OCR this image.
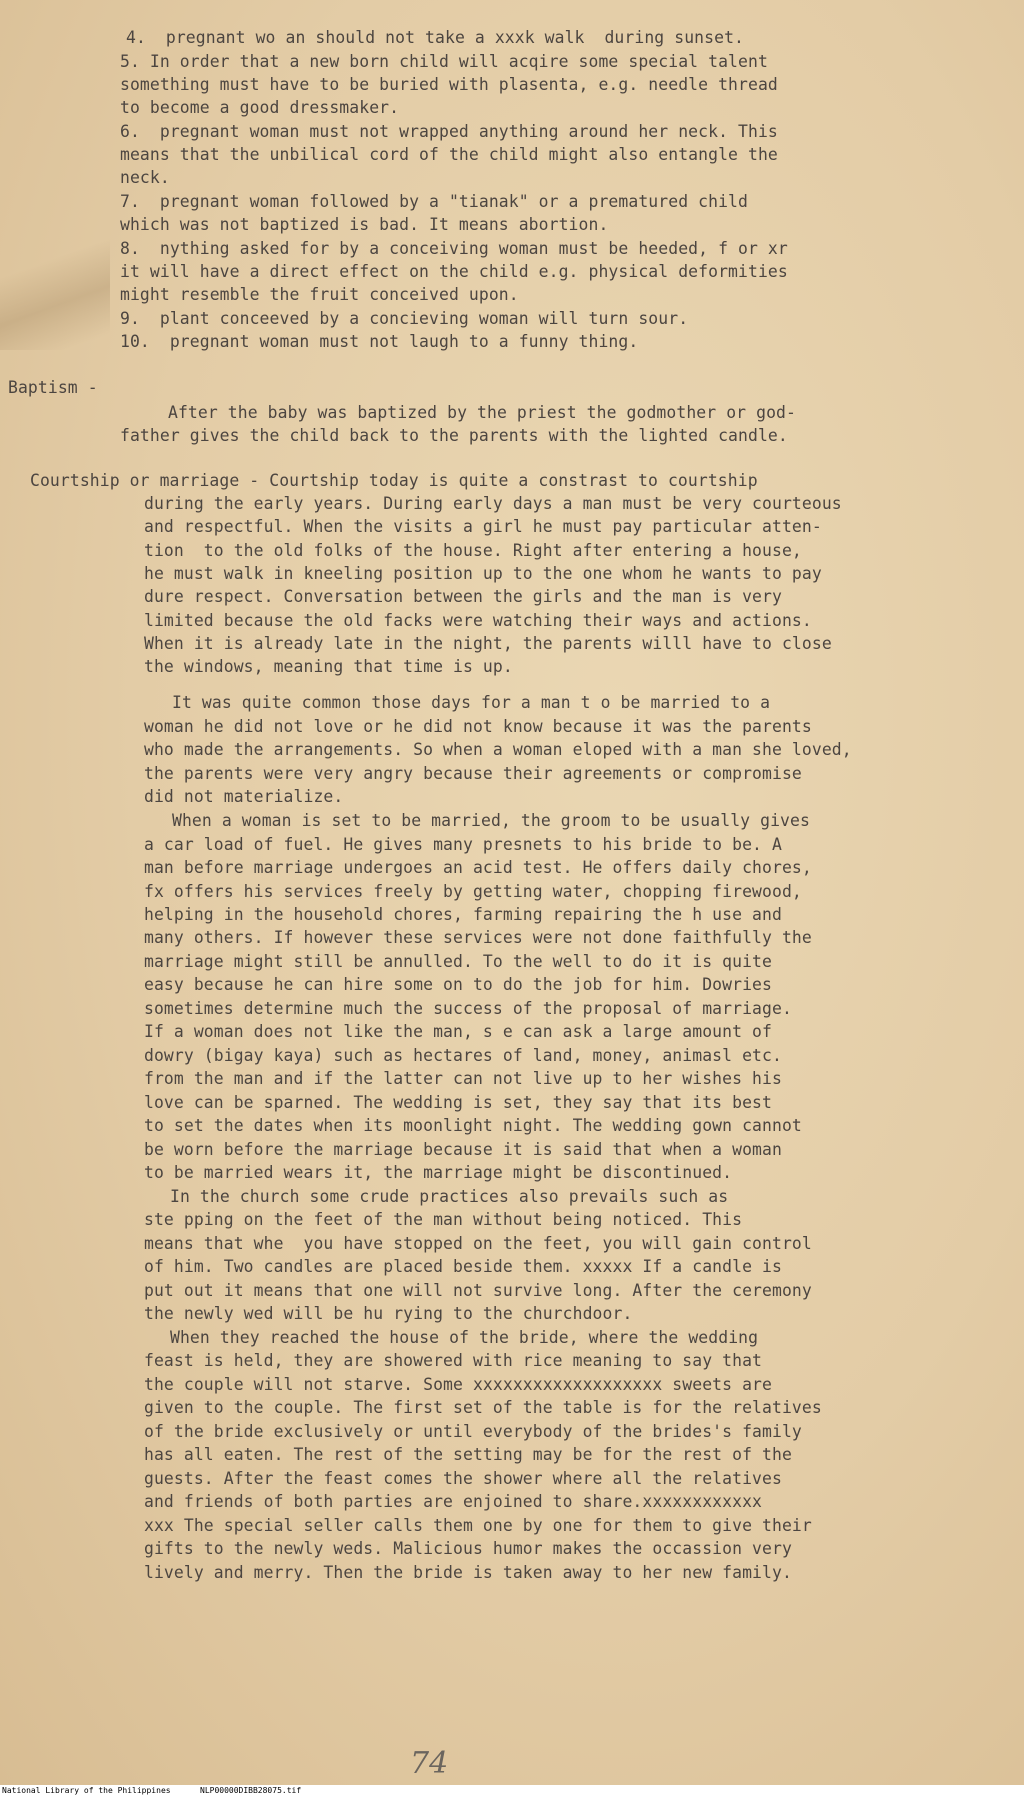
4.  pregnant wo an should not take a xxxk walk  during sunset.
5. In order that a new born child will acqire some special talent
something must have to be buried with plasenta, e.g. needle thread
to become a good dressmaker.
6.  pregnant woman must not wrapped anything around her neck. This
means that the unbilical cord of the child might also entangle the
neck.
7.  pregnant woman followed by a "tianak" or a prematured child
which was not baptized is bad. It means abortion.
8.  nything asked for by a conceiving woman must be heeded, f or xr
it will have a direct effect on the child e.g. physical deformities
might resemble the fruit conceived upon.
9.  plant conceeved by a concieving woman will turn sour.
10.  pregnant woman must not laugh to a funny thing.
Baptism -
After the baby was baptized by the priest the godmother or god-
father gives the child back to the parents with the lighted candle.
Courtship or marriage - Courtship today is quite a constrast to courtship
during the early years. During early days a man must be very courteous
and respectful. When the visits a girl he must pay particular atten-
tion  to the old folks of the house. Right after entering a house,
he must walk in kneeling position up to the one whom he wants to pay
dure respect. Conversation between the girls and the man is very
limited because the old facks were watching their ways and actions.
When it is already late in the night, the parents willl have to close
the windows, meaning that time is up.
It was quite common those days for a man t o be married to a
woman he did not love or he did not know because it was the parents
who made the arrangements. So when a woman eloped with a man she loved,
the parents were very angry because their agreements or compromise
did not materialize.
When a woman is set to be married, the groom to be usually gives
a car load of fuel. He gives many presnets to his bride to be. A
man before marriage undergoes an acid test. He offers daily chores,
fx offers his services freely by getting water, chopping firewood,
helping in the household chores, farming repairing the h use and
many others. If however these services were not done faithfully the
marriage might still be annulled. To the well to do it is quite
easy because he can hire some on to do the job for him. Dowries
sometimes determine much the success of the proposal of marriage.
If a woman does not like the man, s e can ask a large amount of
dowry (bigay kaya) such as hectares of land, money, animasl etc.
from the man and if the latter can not live up to her wishes his
love can be sparned. The wedding is set, they say that its best
to set the dates when its moonlight night. The wedding gown cannot
be worn before the marriage because it is said that when a woman
to be married wears it, the marriage might be discontinued.
In the church some crude practices also prevails such as
ste pping on the feet of the man without being noticed. This
means that whe  you have stopped on the feet, you will gain control
of him. Two candles are placed beside them. xxxxx If a candle is
put out it means that one will not survive long. After the ceremony
the newly wed will be hu rying to the churchdoor.
When they reached the house of the bride, where the wedding
feast is held, they are showered with rice meaning to say that
the couple will not starve. Some xxxxxxxxxxxxxxxxxxx sweets are
given to the couple. The first set of the table is for the relatives
of the bride exclusively or until everybody of the brides's family
has all eaten. The rest of the setting may be for the rest of the
guests. After the feast comes the shower where all the relatives
and friends of both parties are enjoined to share.xxxxxxxxxxxx
xxx The special seller calls them one by one for them to give their
gifts to the newly weds. Malicious humor makes the occassion very
lively and merry. Then the bride is taken away to her new family.
74
National Library of the Philippines	NLP00000DIBB28075.tif
